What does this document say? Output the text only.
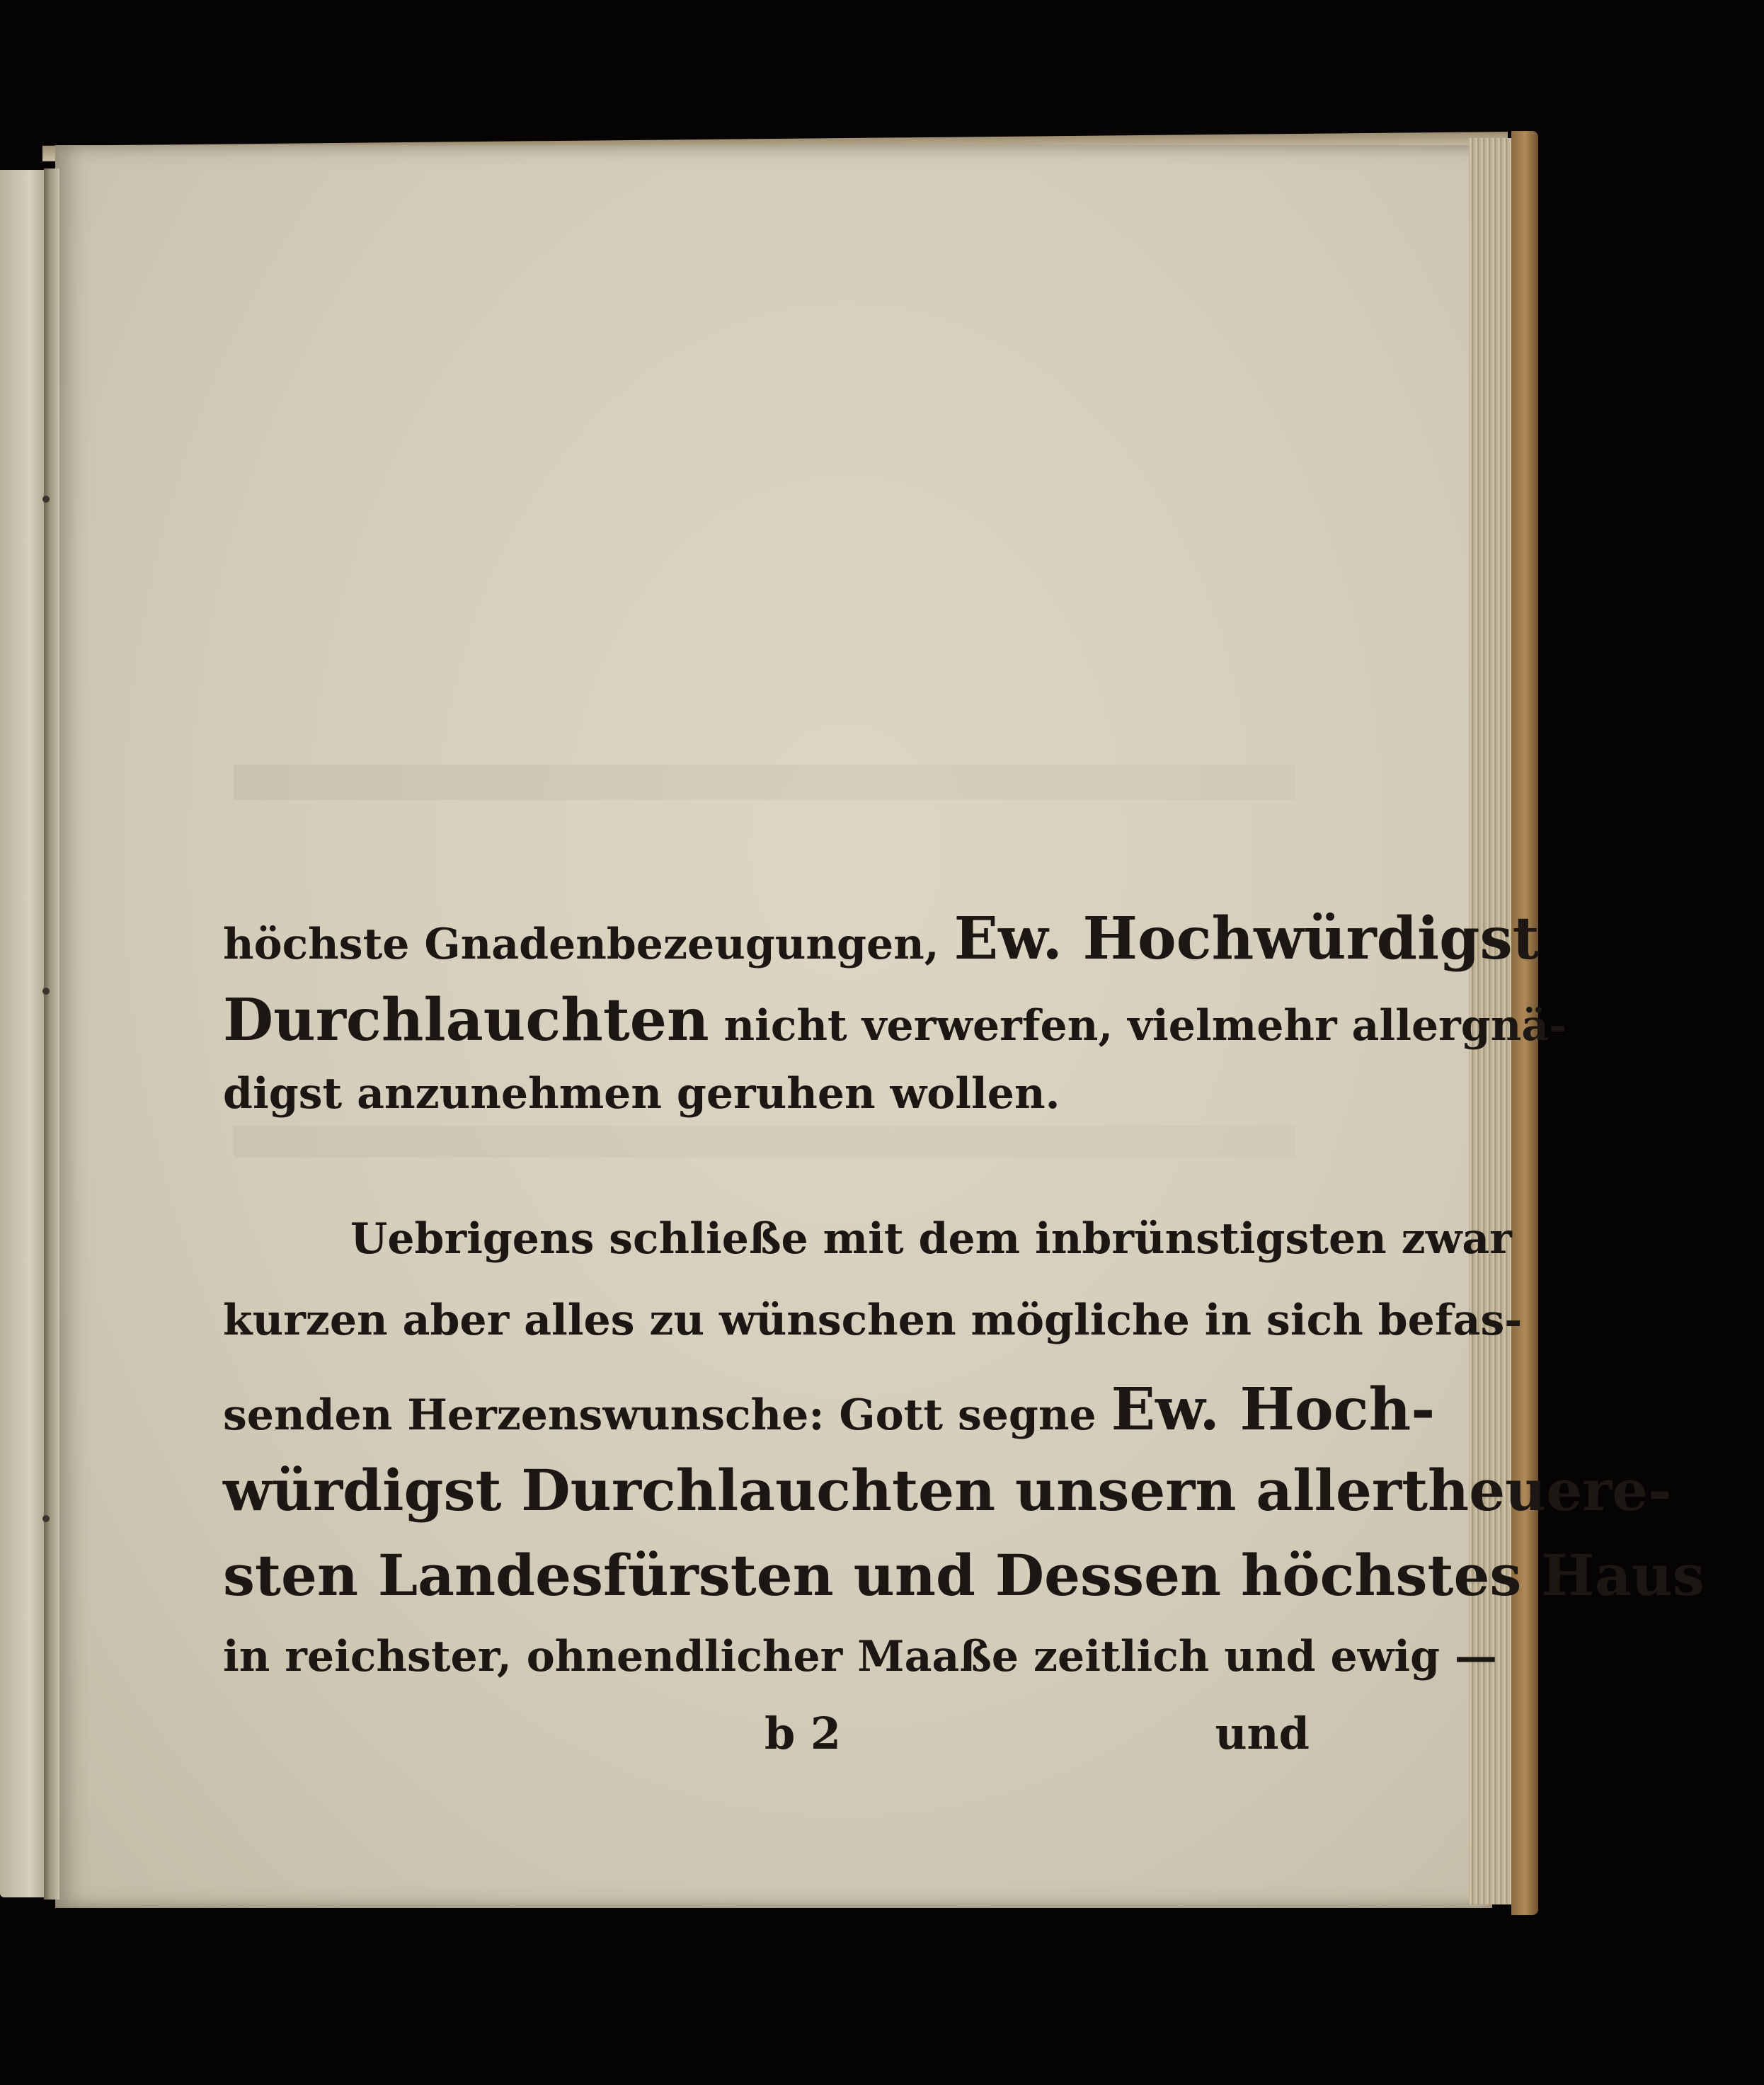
höchste Gnadenbezeugungen, Ew. Hochwürdigst
Durchlauchten nicht verwerfen, vielmehr allergnä-
digst anzunehmen geruhen wollen.
Uebrigens schließe mit dem inbrünstigsten zwar
kurzen aber alles zu wünschen mögliche in sich befas-
senden Herzenswunsche: Gott segne Ew. Hoch-
würdigst Durchlauchten unsern allertheuere-
sten Landesfürsten und Dessen höchstes Haus
in reichster, ohnendlicher Maaße zeitlich und ewig —
b 2	und
